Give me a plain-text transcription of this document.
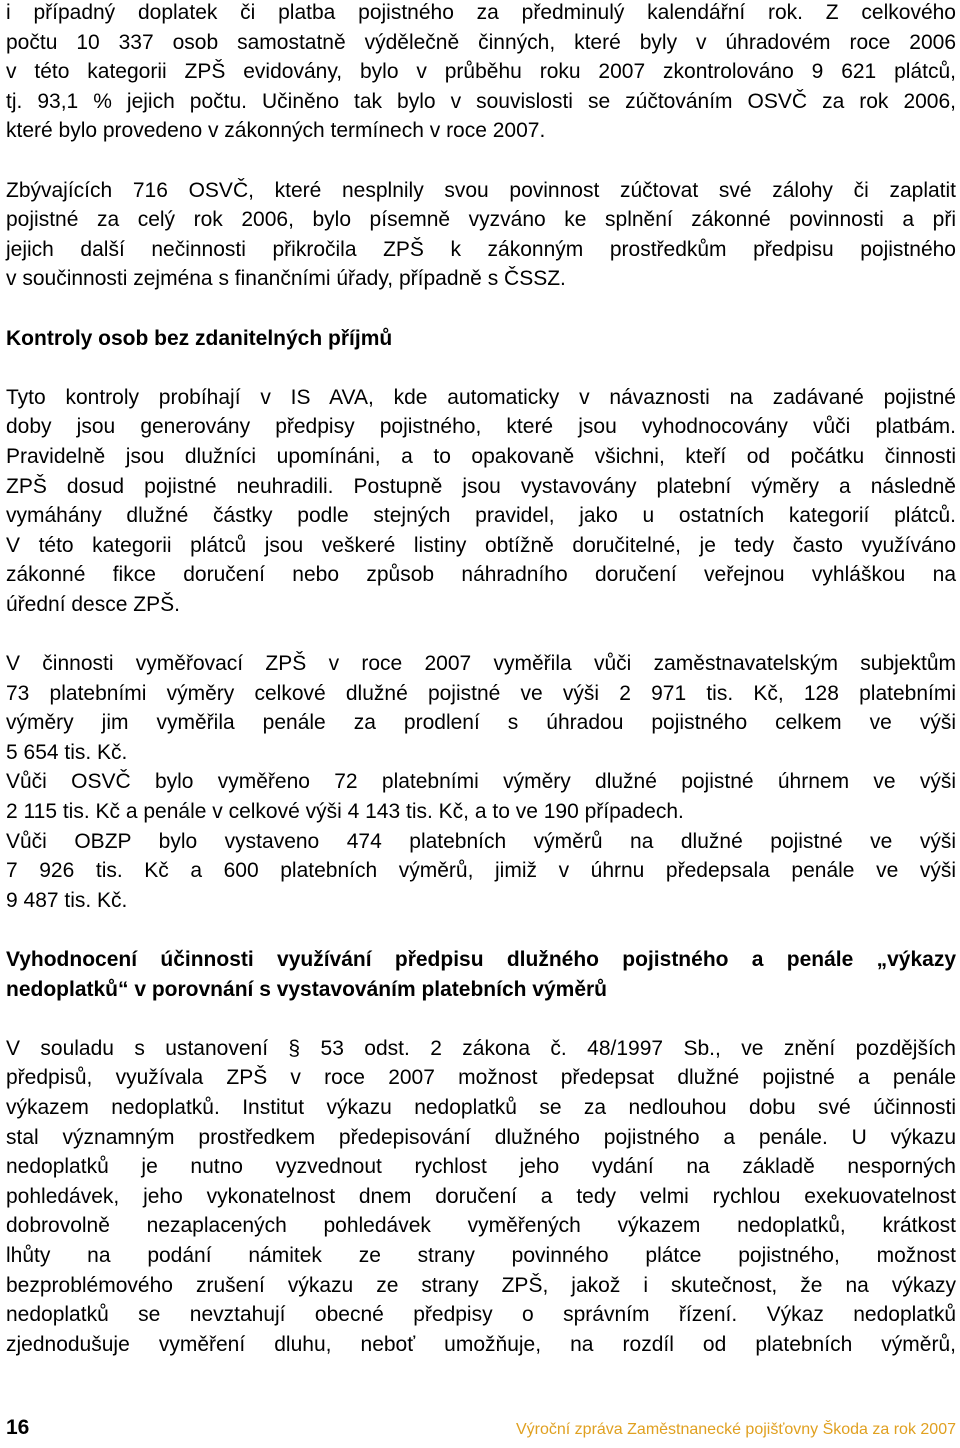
i případný doplatek či platba pojistného za předminulý kalendářní rok. Z celkového
počtu 10 337 osob samostatně výdělečně činných, které byly v úhradovém roce 2006
v této kategorii ZPŠ evidovány, bylo v průběhu roku 2007 zkontrolováno 9 621 plátců,
tj. 93,1 % jejich počtu. Učiněno tak bylo v souvislosti se zúčtováním OSVČ za rok 2006,
které bylo provedeno v zákonných termínech v roce 2007.
Zbývajících 716 OSVČ, které nesplnily svou povinnost zúčtovat své zálohy či zaplatit
pojistné za celý rok 2006, bylo písemně vyzváno ke splnění zákonné povinnosti a při
jejich další nečinnosti přikročila ZPŠ k zákonným prostředkům předpisu pojistného
v součinnosti zejména s finančními úřady, případně s ČSSZ.
Kontroly osob bez zdanitelných příjmů
Tyto kontroly probíhají v IS AVA, kde automaticky v návaznosti na zadávané pojistné
doby jsou generovány předpisy pojistného, které jsou vyhodnocovány vůči platbám.
Pravidelně jsou dlužníci upomínáni, a to opakovaně všichni, kteří od počátku činnosti
ZPŠ dosud pojistné neuhradili. Postupně jsou vystavovány platební výměry a následně
vymáhány dlužné částky podle stejných pravidel, jako u ostatních kategorií plátců.
V této kategorii plátců jsou veškeré listiny obtížně doručitelné, je tedy často využíváno
zákonné fikce doručení nebo způsob náhradního doručení veřejnou vyhláškou na
úřední desce ZPŠ.
V činnosti vyměřovací ZPŠ v roce 2007 vyměřila vůči zaměstnavatelským subjektům
73 platebními výměry celkové dlužné pojistné ve výši 2 971 tis. Kč, 128 platebními
výměry jim vyměřila penále za prodlení s úhradou pojistného celkem ve výši
5 654 tis. Kč.
Vůči OSVČ bylo vyměřeno 72 platebními výměry dlužné pojistné úhrnem ve výši
2 115 tis. Kč a penále v celkové výši 4 143 tis. Kč, a to ve 190 případech.
Vůči OBZP bylo vystaveno 474 platebních výměrů na dlužné pojistné ve výši
7 926 tis. Kč a 600 platebních výměrů, jimiž v úhrnu předepsala penále ve výši
9 487 tis. Kč.
Vyhodnocení účinnosti využívání předpisu dlužného pojistného a penále „výkazy
nedoplatků“ v porovnání s vystavováním platebních výměrů
V souladu s ustanovení § 53 odst. 2 zákona č. 48/1997 Sb., ve znění pozdějších
předpisů, využívala ZPŠ v roce 2007 možnost předepsat dlužné pojistné a penále
výkazem nedoplatků. Institut výkazu nedoplatků se za nedlouhou dobu své účinnosti
stal významným prostředkem předepisování dlužného pojistného a penále. U výkazu
nedoplatků je nutno vyzvednout rychlost jeho vydání na základě nesporných
pohledávek, jeho vykonatelnost dnem doručení a tedy velmi rychlou exekuovatelnost
dobrovolně nezaplacených pohledávek vyměřených výkazem nedoplatků, krátkost
lhůty na podání námitek ze strany povinného plátce pojistného, možnost
bezproblémového zrušení výkazu ze strany ZPŠ, jakož i skutečnost, že na výkazy
nedoplatků se nevztahují obecné předpisy o správním řízení. Výkaz nedoplatků
zjednodušuje vyměření dluhu, neboť umožňuje, na rozdíl od platebních výměrů,
16	Výroční zpráva Zaměstnanecké pojišťovny Škoda za rok 2007
